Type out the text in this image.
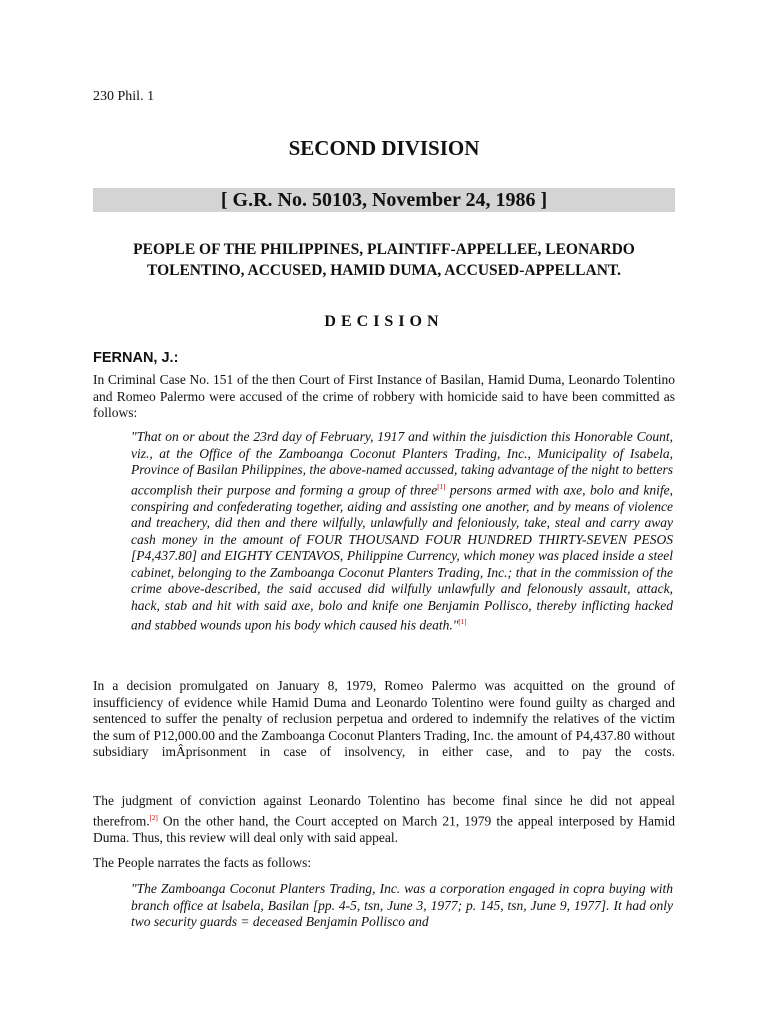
230 Phil. 1
SECOND DIVISION
[ G.R. No. 50103, November 24, 1986 ]
PEOPLE OF THE PHILIPPINES, PLAINTIFF-APPELLEE, LEONARDO TOLENTINO, ACCUSED, HAMID DUMA, ACCUSED-APPELLANT.
DECISION
FERNAN, J.:
In Criminal Case No. 151 of the then Court of First Instance of Basilan, Hamid Duma, Leonardo Tolentino and Romeo Palermo were accused of the crime of robbery with homicide said to have been committed as follows:
"That on or about the 23rd day of February, 1917 and within the juisdiction this Honorable Count, viz., at the Office of the Zamboanga Coconut Planters Trading, Inc., Municipality of Isabela, Province of Basilan Philippines, the above-named accussed, taking advantage of the night to betters accomplish their purpose and forming a group of three[1] persons armed with axe, bolo and knife, conspiring and confederating together, aiding and assisting one another, and by means of violence and treachery, did then and there wilfully, unlawfully and feloniously, take, steal and carry away cash money in the amount of FOUR THOUSAND FOUR HUNDRED THIRTY-SEVEN PESOS [P4,437.80] and EIGHTY CENTAVOS, Philippine Currency, which money was placed inside a steel cabinet, belonging to the Zamboanga Coconut Planters Trading, Inc.; that in the commission of the crime above-described, the said accused did wilfully unlawfully and felonously assault, attack, hack, stab and hit with said axe, bolo and knife one Benjamin Pollisco, thereby inflicting hacked and stabbed wounds upon his body which caused his death."[1]
In a decision promulgated on January 8, 1979, Romeo Palermo was acquitted on the ground of insufficiency of evidence while Hamid Duma and Leonardo Tolentino were found guilty as charged and sentenced to suffer the penalty of reclusion perpetua and ordered to indemnify the relatives of the victim the sum of P12,000.00 and the Zamboanga Coconut Planters Trading, Inc. the amount of P4,437.80 without subsidiary imÂprisonment in case of insolvency, in either case, and to pay the costs.
The judgment of conviction against Leonardo Tolentino has become final since he did not appeal therefrom.[2] On the other hand, the Court accepted on March 21, 1979 the appeal interposed by Hamid Duma. Thus, this review will deal only with said appeal.
The People narrates the facts as follows:
"The Zamboanga Coconut Planters Trading, Inc. was a corporation engaged in copra buying with branch office at lsabela, Basilan [pp. 4-5, tsn, June 3, 1977; p. 145, tsn, June 9, 1977]. It had only two security guards = deceased Benjamin Pollisco and
